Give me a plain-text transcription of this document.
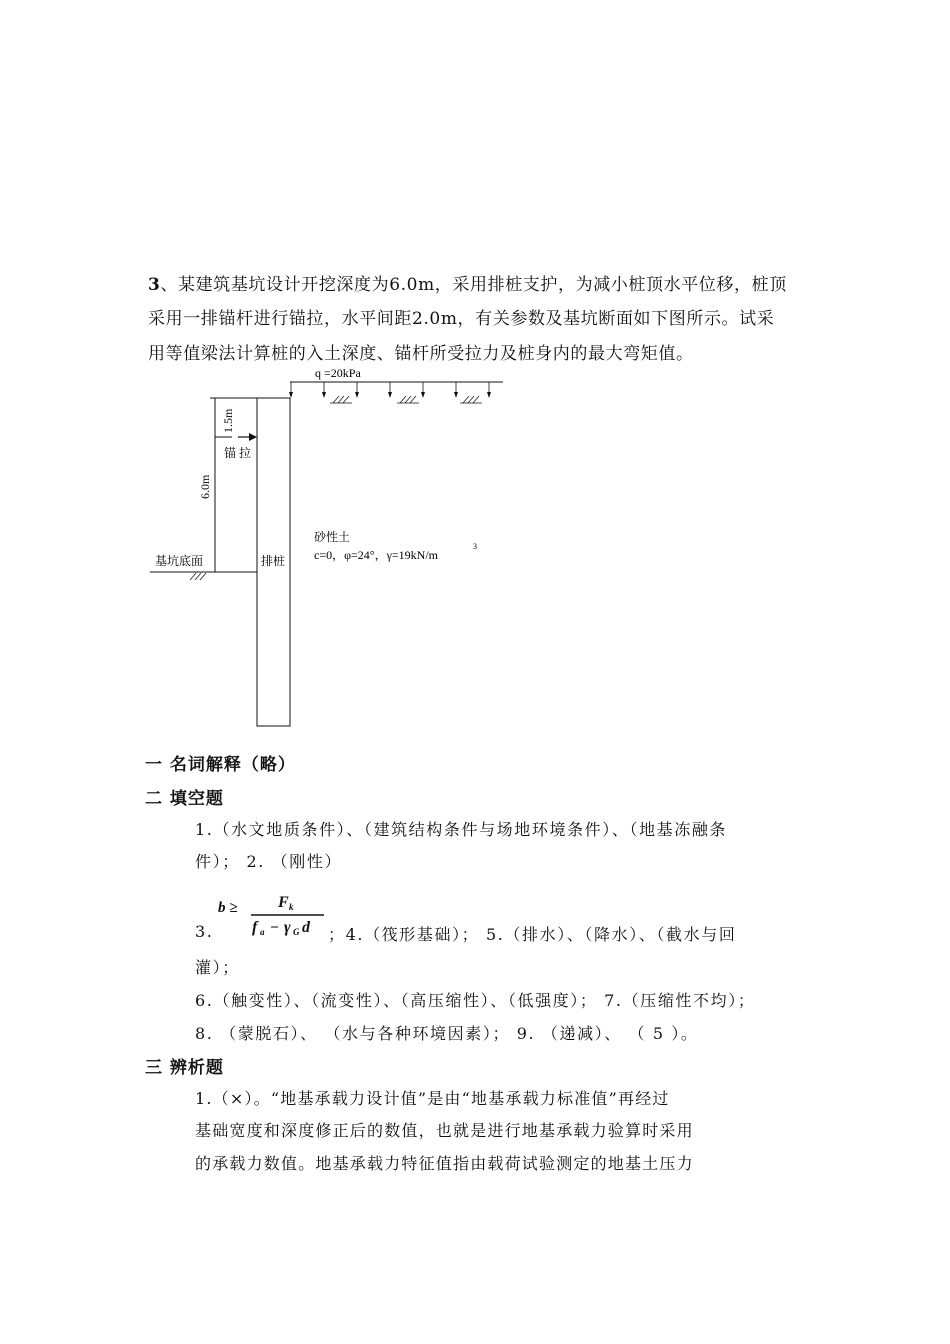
3、某建筑基坑设计开挖深度为6.0m，采用排桩支护，为减小桩顶水平位移，桩顶

采用一排锚杆进行锚拉，水平间距2.0m，有关参数及基坑断面如下图所示。试采

用等值梁法计算桩的入土深度、锚杆所受拉力及桩身内的最大弯矩值。

q =20kPa
1.5m
锚 拉
6.0m
基坑底面	排桩
砂性土
c=0，φ=24°，γ=19kN/m
3

一 名词解释（略）

二 填空题

1.（水文地质条件）、（建筑结构条件与场地环境条件）、（地基冻融条

件）； 2. （刚性）

b ≥	F k
f a − γ G d

3.	；4.（筏形基础）； 5.（排水）、（降水）、（截水与回

灌）；

6.（触变性）、（流变性）、（高压缩性）、（低强度）； 7.（压缩性不均）；

8. （蒙脱石）、 （水与各种环境因素）； 9. （递减）、 （ 5 ）。

三 辨析题

1.（×）。“地基承载力设计值”是由“地基承载力标准值”再经过

基础宽度和深度修正后的数值，也就是进行地基承载力验算时采用

的承载力数值。地基承载力特征值指由载荷试验测定的地基土压力
